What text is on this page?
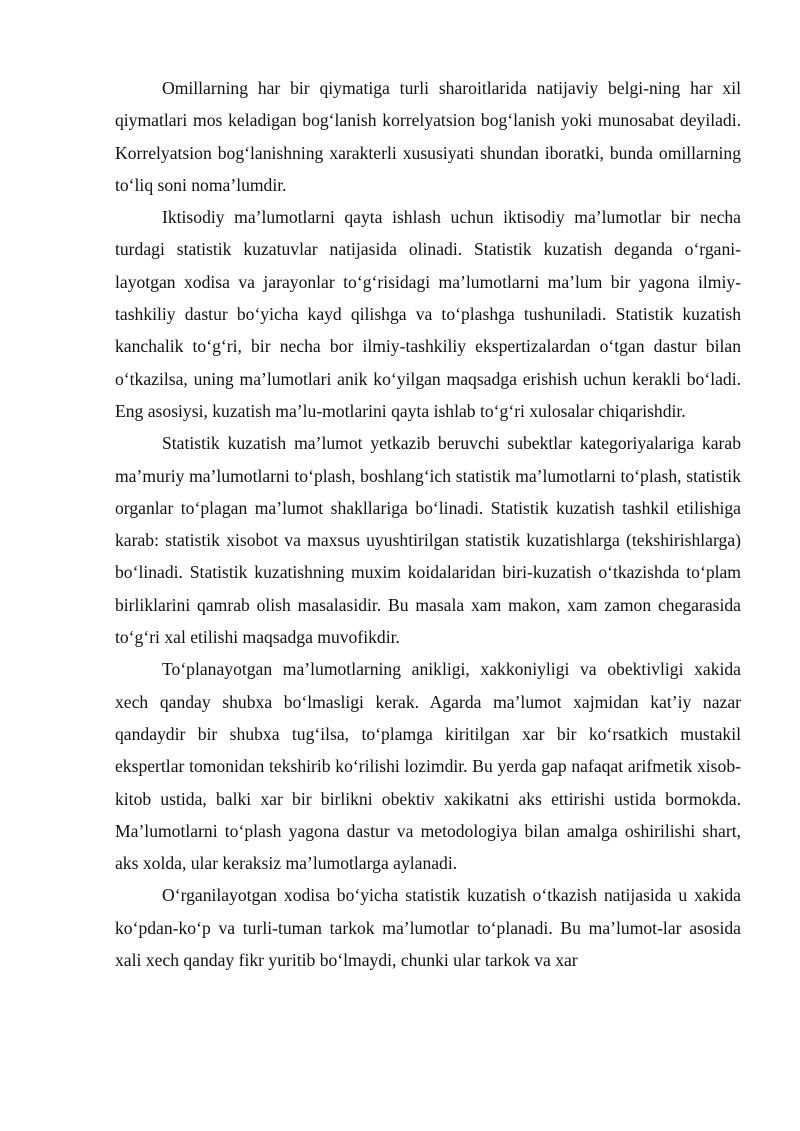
Omillarning har bir qiymatiga turli sharoitlarida natijaviy belgi-ning har xil qiymatlari mos keladigan bog‘lanish korrelyatsion bog‘lanish yoki munosabat deyiladi. Korrelyatsion bog‘lanishning xarakterli xususiyati shundan iboratki, bunda omillarning to‘liq soni noma’lumdir.

Iktisodiy ma’lumotlarni qayta ishlash uchun iktisodiy ma’lumotlar bir necha turdagi statistik kuzatuvlar natijasida olinadi. Statistik kuzatish deganda o‘rgani-layotgan xodisa va jarayonlar to‘g‘risidagi ma’lumotlarni ma’lum bir yagona ilmiy-tashkiliy dastur bo‘yicha kayd qilishga va to‘plashga tushuniladi. Statistik kuzatish kanchalik to‘g‘ri, bir necha bor ilmiy-tashkiliy ekspertizalardan o‘tgan dastur bilan o‘tkazilsa, uning ma’lumotlari anik ko‘yilgan maqsadga erishish uchun kerakli bo‘ladi. Eng asosiysi, kuzatish ma’lu-motlarini qayta ishlab to‘g‘ri xulosalar chiqarishdir.

Statistik kuzatish ma’lumot yetkazib beruvchi subektlar kategoriyalariga karab ma’muriy ma’lumotlarni to‘plash, boshlang‘ich statistik ma’lumotlarni to‘plash, statistik organlar to‘plagan ma’lumot shakllariga bo‘linadi. Statistik kuzatish tashkil etilishiga karab: statistik xisobot va maxsus uyushtirilgan statistik kuzatishlarga (tekshirishlarga) bo‘linadi. Statistik kuzatishning muxim koidalaridan biri-kuzatish o‘tkazishda to‘plam birliklarini qamrab olish masalasidir. Bu masala xam makon, xam zamon chegarasida to‘g‘ri xal etilishi maqsadga muvofikdir.

To‘planayotgan ma’lumotlarning anikligi, xakkoniyligi va obektivligi xakida xech qanday shubxa bo‘lmasligi kerak. Agarda ma’lumot xajmidan kat’iy nazar qandaydir bir shubxa tug‘ilsa, to‘plamga kiritilgan xar bir ko‘rsatkich mustakil ekspertlar tomonidan tekshirib ko‘rilishi lozimdir. Bu yerda gap nafaqat arifmetik xisob-kitob ustida, balki xar bir birlikni obektiv xakikatni aks ettirishi ustida bormokda. Ma’lumotlarni to‘plash yagona dastur va metodologiya bilan amalga oshirilishi shart, aks xolda, ular keraksiz ma’lumotlarga aylanadi.

O‘rganilayotgan xodisa bo‘yicha statistik kuzatish o‘tkazish natijasida u xakida ko‘pdan-ko‘p va turli-tuman tarkok ma’lumotlar to‘planadi. Bu ma’lumot-lar asosida xali xech qanday fikr yuritib bo‘lmaydi, chunki ular tarkok va xar
